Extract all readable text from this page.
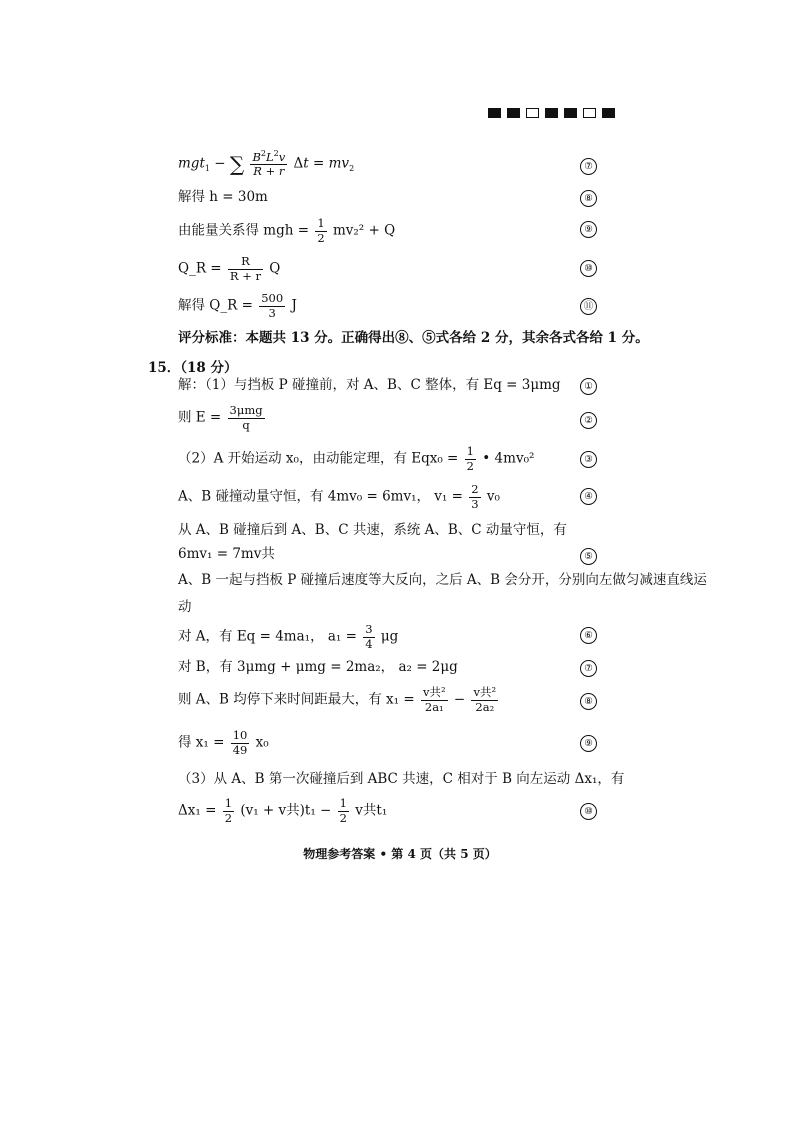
mgt$_1$ − ∑ $\frac{B^2L^2v}{R + r}$ $\Delta t = mv_2$	⑦
解得 h = 30m	⑧
由能量关系得 mgh = $\frac{1}{2} mv_2^2 + Q$	⑨
Q_R = $\frac{R}{R + r}$ Q	⑩
解得 Q_R = $\frac{500}{3}$ J	⑪
评分标准：本题共 13 分。正确得出⑧、⑤式各给 2 分，其余各式各给 1 分。
15．（18 分）
解：（1）与挡板 P 碰撞前，对 A、B、C 整体，有 Eq = 3μmg	①
则 $E = \frac{\text{3μmg}}{q}$	②
（2）A 开始运动 x₀，由动能定理，有 $Eqx_0 = \frac{1}{2}$ • 4mv₀²	③
A、B 碰撞动量守恒，有 4mv₀ = 6mv₁， $v_1 = \frac{2}{3} v_0$	④
从 A、B 碰撞后到 A、B、C 共速，系统 A、B、C 动量守恒，有
6mv₁ = 7mv共	⑤
A、B 一起与挡板 P 碰撞后速度等大反向，之后 A、B 会分开，分别向左做匀减速直线运
动
对 A，有 Eq = 4ma₁， $a_1 = \frac{3}{4}$ μg	⑥
对 B，有 3μmg + μmg = 2ma₂， a₂ = 2μg	⑦
则 A、B 均停下来时间距最大，有 $x_1 = \frac{\text{v共²}}{\text{2a₁}} - \frac{\text{v共²}}{\text{2a₂}}$	⑧
得 $x_1 = \frac{10}{49} x_0$	⑨
（3）从 A、B 第一次碰撞后到 ABC 共速，C 相对于 B 向左运动 Δx₁，有
$\Delta x_1 = \frac{1}{2} (v_1 + v$共)$t_1 - \frac{1}{2}$ v共t₁	⑩
物理参考答案 • 第 4 页（共 5 页）
